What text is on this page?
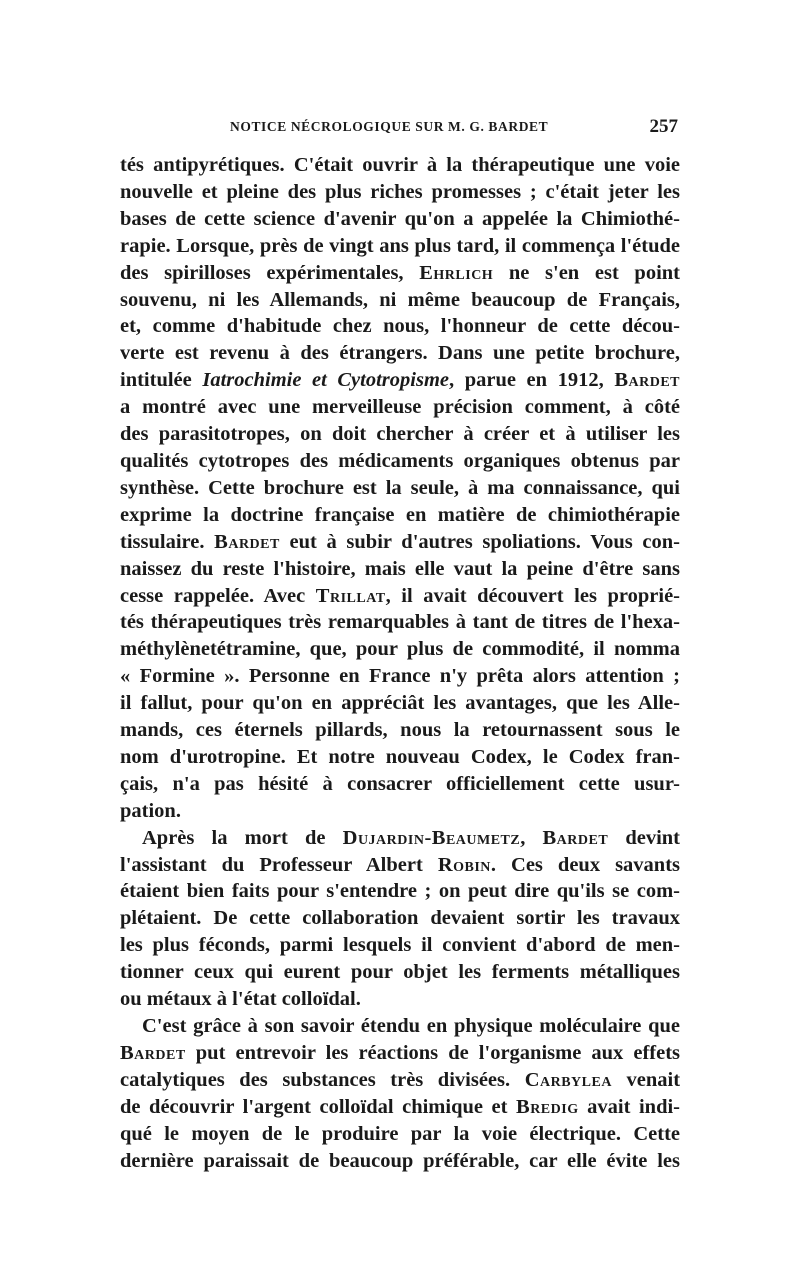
NOTICE NÉCROLOGIQUE SUR M. G. BARDET	257

tés antipyrétiques. C'était ouvrir à la thérapeutique une voie

nouvelle et pleine des plus riches promesses ; c'était jeter les

bases de cette science d'avenir qu'on a appelée la Chimiothé-

rapie. Lorsque, près de vingt ans plus tard, il commença l'étude

des spirilloses expérimentales, Ehrlich ne s'en est point

souvenu, ni les Allemands, ni même beaucoup de Français,

et, comme d'habitude chez nous, l'honneur de cette décou-

verte est revenu à des étrangers. Dans une petite brochure,

intitulée Iatrochimie et Cytotropisme, parue en 1912, Bardet

a montré avec une merveilleuse précision comment, à côté

des parasitotropes, on doit chercher à créer et à utiliser les

qualités cytotropes des médicaments organiques obtenus par

synthèse. Cette brochure est la seule, à ma connaissance, qui

exprime la doctrine française en matière de chimiothérapie

tissulaire. Bardet eut à subir d'autres spoliations. Vous con-

naissez du reste l'histoire, mais elle vaut la peine d'être sans

cesse rappelée. Avec Trillat, il avait découvert les proprié-

tés thérapeutiques très remarquables à tant de titres de l'hexa-

méthylènetétramine, que, pour plus de commodité, il nomma

« Formine ». Personne en France n'y prêta alors attention ;

il fallut, pour qu'on en appréciât les avantages, que les Alle-

mands, ces éternels pillards, nous la retournassent sous le

nom d'urotropine. Et notre nouveau Codex, le Codex fran-

çais, n'a pas hésité à consacrer officiellement cette usur-

pation.

Après la mort de Dujardin-Beaumetz, Bardet devint

l'assistant du Professeur Albert Robin. Ces deux savants

étaient bien faits pour s'entendre ; on peut dire qu'ils se com-

plétaient. De cette collaboration devaient sortir les travaux

les plus féconds, parmi lesquels il convient d'abord de men-

tionner ceux qui eurent pour objet les ferments métalliques

ou métaux à l'état colloïdal.

C'est grâce à son savoir étendu en physique moléculaire que

Bardet put entrevoir les réactions de l'organisme aux effets

catalytiques des substances très divisées. Carbylea venait

de découvrir l'argent colloïdal chimique et Bredig avait indi-

qué le moyen de le produire par la voie électrique. Cette

dernière paraissait de beaucoup préférable, car elle évite les
